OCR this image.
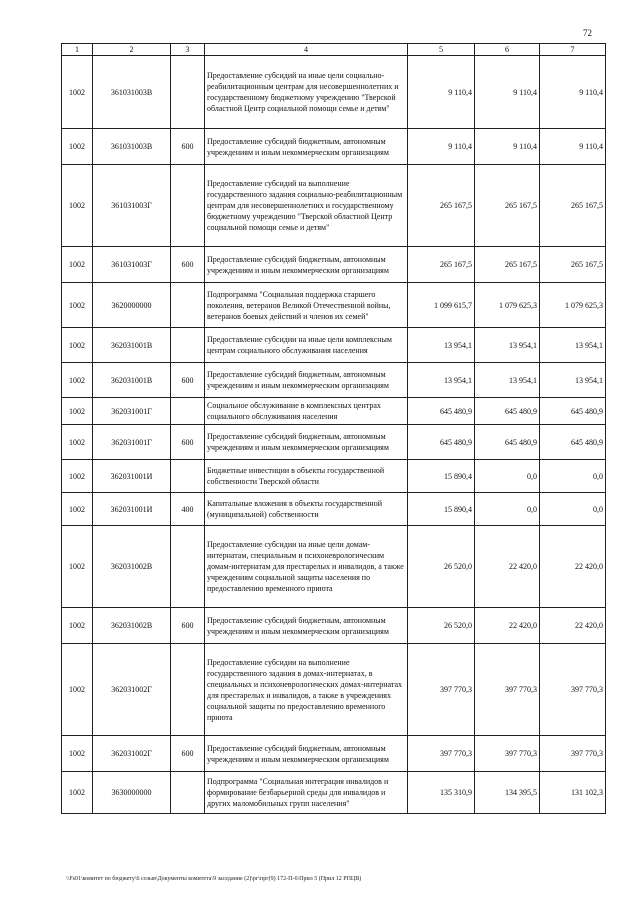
72
1	2	3	4	5	6	7
1002	361031003В		Предоставление субсидий на иные цели социально-реабилитационным центрам для несовершеннолетних и государственному бюджетному учреждению "Тверской областной Центр социальной помощи семье и детям"	9 110,4	9 110,4	9 110,4
1002	361031003В	600	Предоставление субсидий бюджетным, автономным учреждениям и иным некоммерческим организациям	9 110,4	9 110,4	9 110,4
1002	361031003Г		Предоставление субсидий на выполнение государственного задания социально-реабилитационным центрам для несовершеннолетних и государственному бюджетному учреждению "Тверской областной Центр социальной помощи семье и детям"	265 167,5	265 167,5	265 167,5
1002	361031003Г	600	Предоставление субсидий бюджетным, автономным учреждениям и иным некоммерческим организациям	265 167,5	265 167,5	265 167,5
1002	3620000000		Подпрограмма "Социальная поддержка старшего поколения, ветеранов Великой Отечественной войны, ветеранов боевых действий и членов их семей"	1 099 615,7	1 079 625,3	1 079 625,3
1002	362031001В		Предоставление субсидии на иные цели комплексным центрам социального обслуживания населения	13 954,1	13 954,1	13 954,1
1002	362031001В	600	Предоставление субсидий бюджетным, автономным учреждениям и иным некоммерческим организациям	13 954,1	13 954,1	13 954,1
1002	362031001Г		Социальное обслуживание в комплексных центрах социального обслуживания населения	645 480,9	645 480,9	645 480,9
1002	362031001Г	600	Предоставление субсидий бюджетным, автономным учреждениям и иным некоммерческим организациям	645 480,9	645 480,9	645 480,9
1002	362031001И		Бюджетные инвестиции в объекты государственной собственности Тверской области	15 890,4	0,0	0,0
1002	362031001И	400	Капитальные вложения в объекты государственной (муниципальной) собственности	15 890,4	0,0	0,0
1002	362031002В		Предоставление субсидии на иные цели домам-интернатам, специальным и психоневрологическим домам-интернатам для престарелых и инвалидов, а также учреждениям социальной защиты населения по предоставлению временного приюта	26 520,0	22 420,0	22 420,0
1002	362031002В	600	Предоставление субсидий бюджетным, автономным учреждениям и иным некоммерческим организациям	26 520,0	22 420,0	22 420,0
1002	362031002Г		Предоставление субсидии на выполнение государственного задания в домах-интернатах, в специальных и психоневрологических домах-интернатах для престарелых и инвалидов, а также в учреждениях социальной защиты по предоставлению временного приюта	397 770,3	397 770,3	397 770,3
1002	362031002Г	600	Предоставление субсидий бюджетным, автономным учреждениям и иным некоммерческим организациям	397 770,3	397 770,3	397 770,3
1002	3630000000		Подпрограмма "Социальная интеграция инвалидов и формирование безбарьерной среды для инвалидов и других маломобильных групп населения"	135 310,9	134 395,5	131 102,3
\\Fs01\комитет по бюджету\6 созыв\Документы комитета\9 заседание (2)\рг\прг(9) 172-П-6\Прил 5 (Прил 12 РПЦВ)
